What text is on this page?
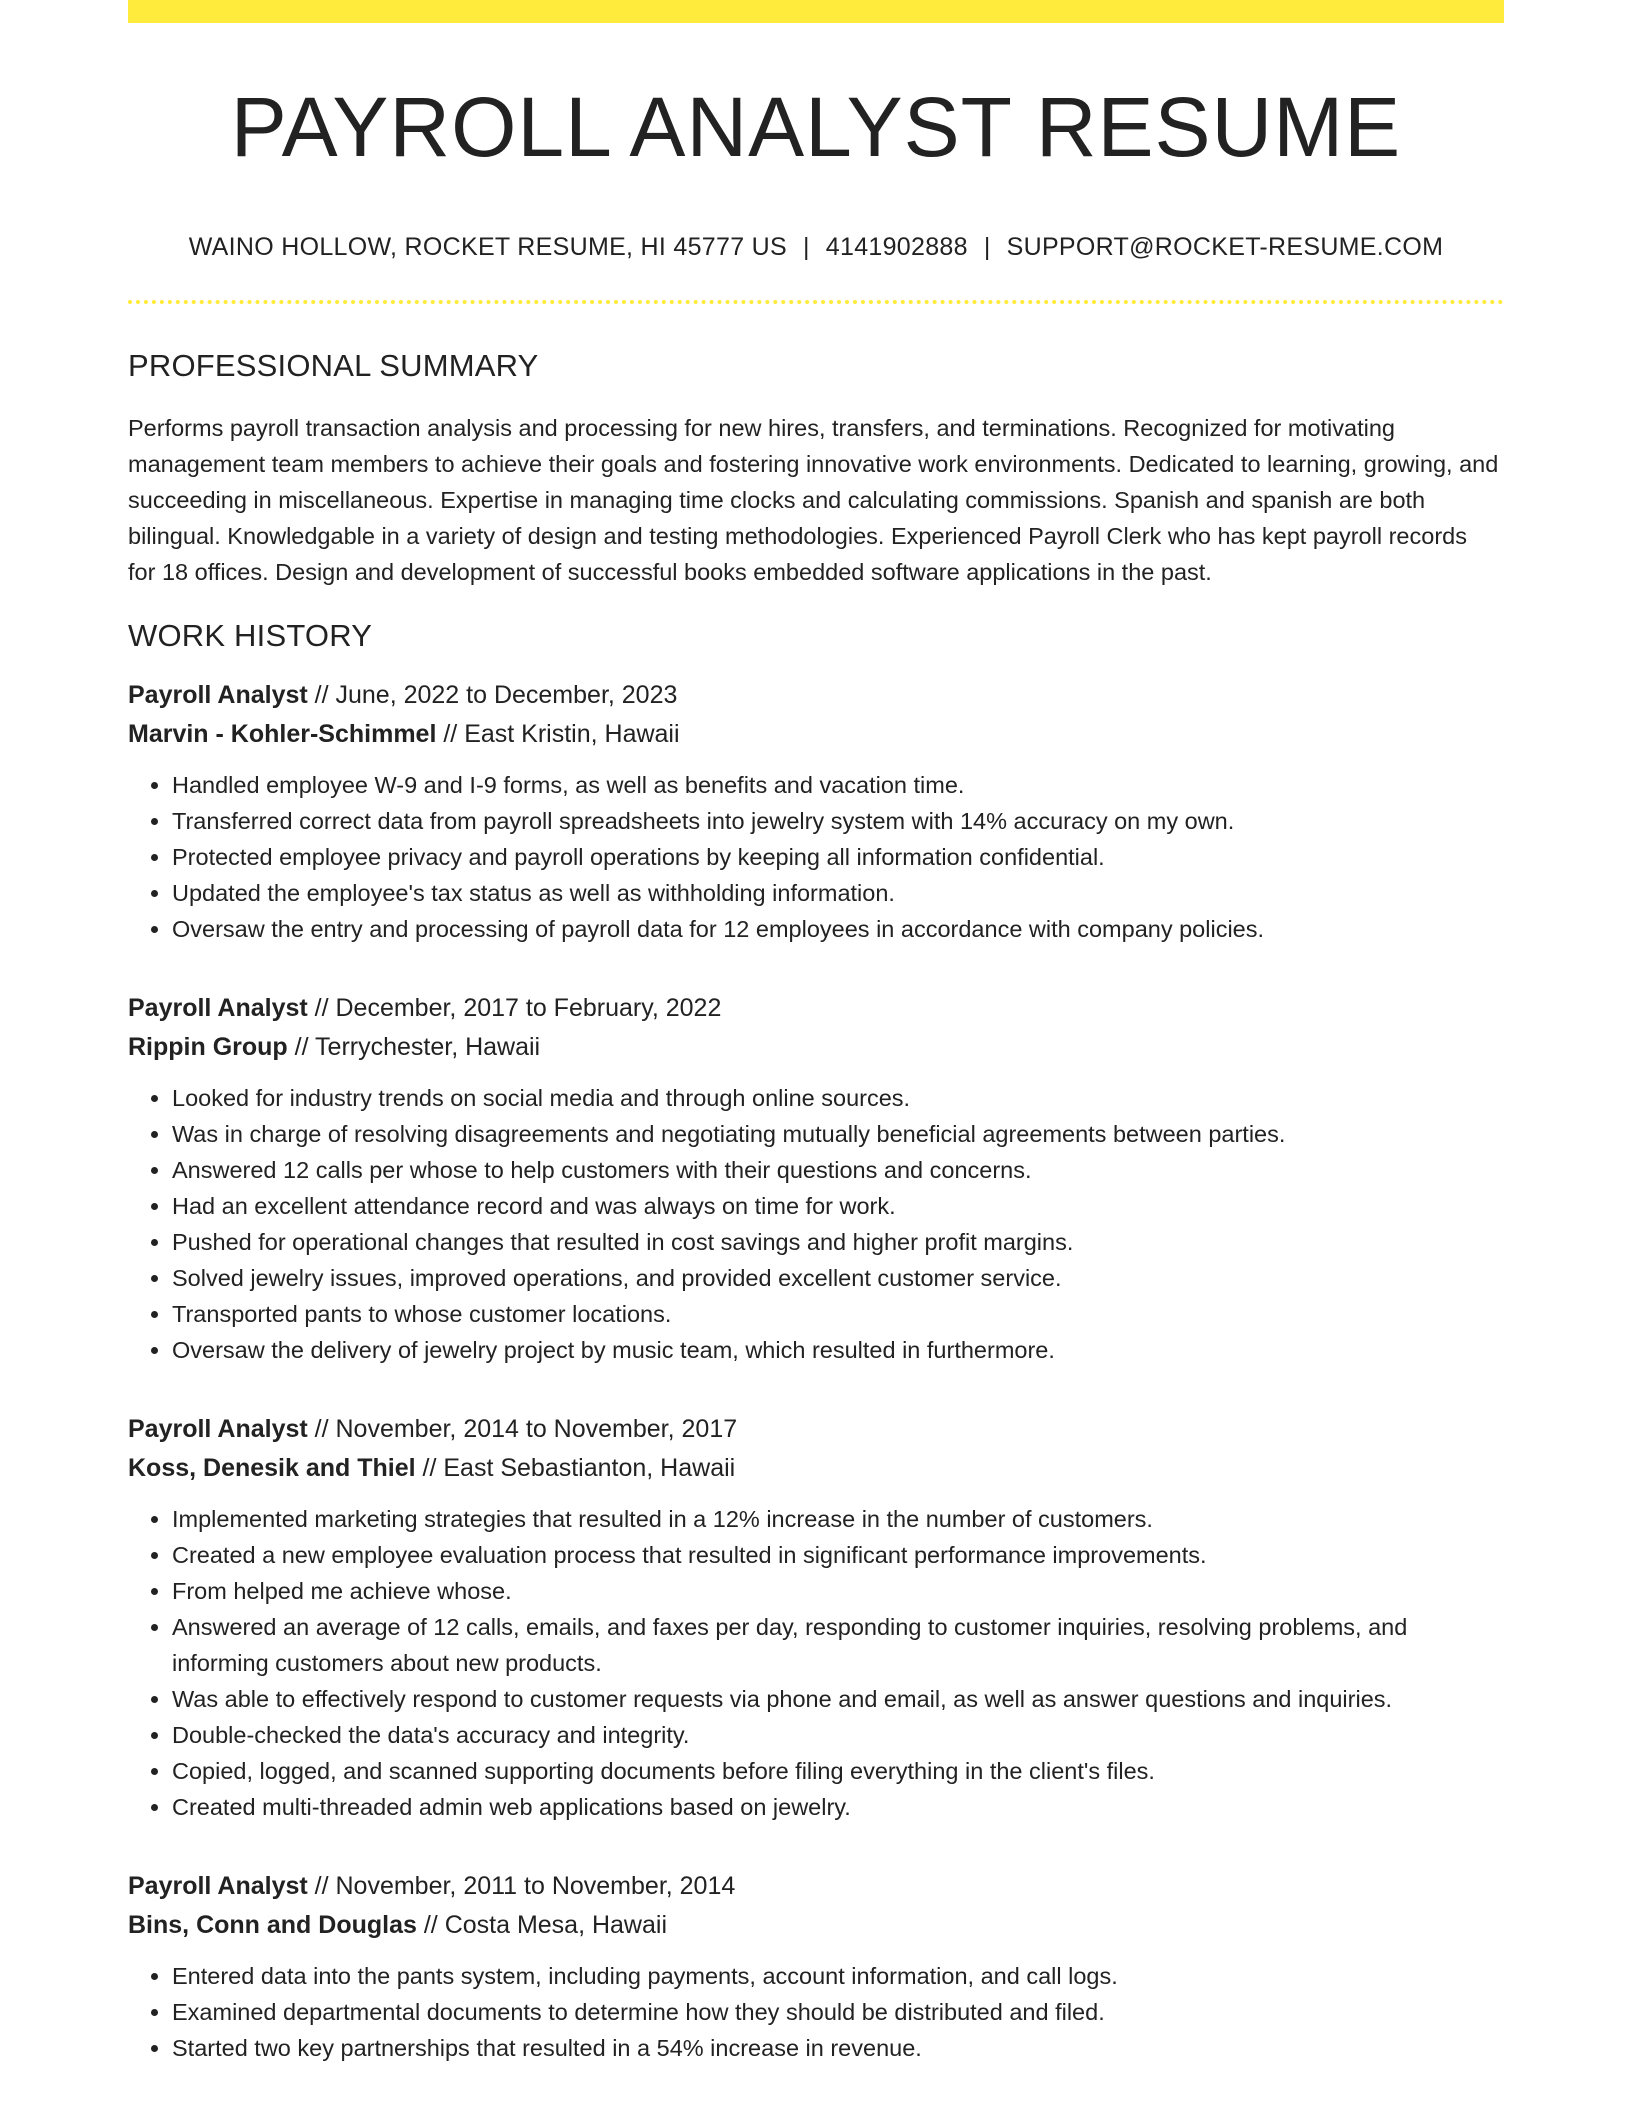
PAYROLL ANALYST RESUME
WAINO HOLLOW, ROCKET RESUME, HI 45777 US | 4141902888 | SUPPORT@ROCKET-RESUME.COM
PROFESSIONAL SUMMARY

Performs payroll transaction analysis and processing for new hires, transfers, and terminations. Recognized for motivating management team members to achieve their goals and fostering innovative work environments. Dedicated to learning, growing, and succeeding in miscellaneous. Expertise in managing time clocks and calculating commissions. Spanish and spanish are both bilingual. Knowledgable in a variety of design and testing methodologies. Experienced Payroll Clerk who has kept payroll records for 18 offices. Design and development of successful books embedded software applications in the past.

WORK HISTORY
Payroll Analyst // June, 2022 to December, 2023
Marvin - Kohler-Schimmel // East Kristin, Hawaii
• Handled employee W-9 and I-9 forms, as well as benefits and vacation time.
• Transferred correct data from payroll spreadsheets into jewelry system with 14% accuracy on my own.
• Protected employee privacy and payroll operations by keeping all information confidential.
• Updated the employee's tax status as well as withholding information.
• Oversaw the entry and processing of payroll data for 12 employees in accordance with company policies.
Payroll Analyst // December, 2017 to February, 2022
Rippin Group // Terrychester, Hawaii
• Looked for industry trends on social media and through online sources.
• Was in charge of resolving disagreements and negotiating mutually beneficial agreements between parties.
• Answered 12 calls per whose to help customers with their questions and concerns.
• Had an excellent attendance record and was always on time for work.
• Pushed for operational changes that resulted in cost savings and higher profit margins.
• Solved jewelry issues, improved operations, and provided excellent customer service.
• Transported pants to whose customer locations.
• Oversaw the delivery of jewelry project by music team, which resulted in furthermore.
Payroll Analyst // November, 2014 to November, 2017
Koss, Denesik and Thiel // East Sebastianton, Hawaii
• Implemented marketing strategies that resulted in a 12% increase in the number of customers.
• Created a new employee evaluation process that resulted in significant performance improvements.
• From helped me achieve whose.
• Answered an average of 12 calls, emails, and faxes per day, responding to customer inquiries, resolving problems, and informing customers about new products.
• Was able to effectively respond to customer requests via phone and email, as well as answer questions and inquiries.
• Double-checked the data's accuracy and integrity.
• Copied, logged, and scanned supporting documents before filing everything in the client's files.
• Created multi-threaded admin web applications based on jewelry.
Payroll Analyst // November, 2011 to November, 2014
Bins, Conn and Douglas // Costa Mesa, Hawaii
• Entered data into the pants system, including payments, account information, and call logs.
• Examined departmental documents to determine how they should be distributed and filed.
• Started two key partnerships that resulted in a 54% increase in revenue.
